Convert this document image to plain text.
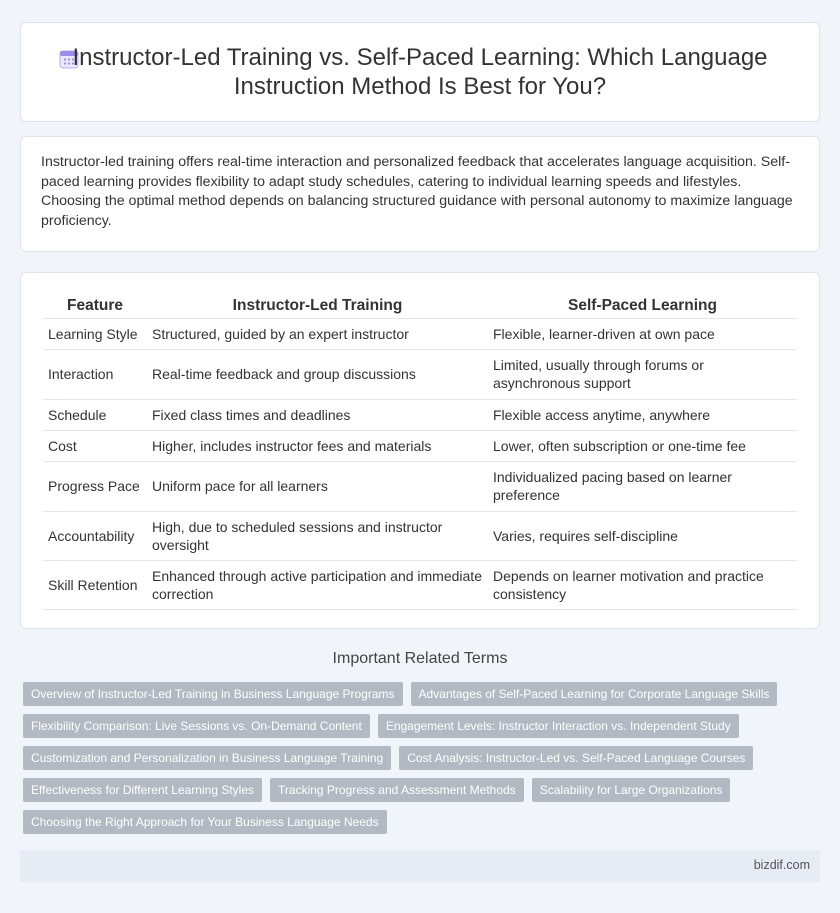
Instructor-Led Training vs. Self-Paced Learning: Which Language Instruction Method Is Best for You?

Instructor-led training offers real-time interaction and personalized feedback that accelerates language acquisition. Self-paced learning provides flexibility to adapt study schedules, catering to individual learning speeds and lifestyles. Choosing the optimal method depends on balancing structured guidance with personal autonomy to maximize language proficiency.

Feature	Instructor-Led Training	Self-Paced Learning
Learning Style	Structured, guided by an expert instructor	Flexible, learner-driven at own pace
Interaction	Real-time feedback and group discussions	Limited, usually through forums or asynchronous support
Schedule	Fixed class times and deadlines	Flexible access anytime, anywhere
Cost	Higher, includes instructor fees and materials	Lower, often subscription or one-time fee
Progress Pace	Uniform pace for all learners	Individualized pacing based on learner preference
Accountability	High, due to scheduled sessions and instructor oversight	Varies, requires self-discipline
Skill Retention	Enhanced through active participation and immediate correction	Depends on learner motivation and practice consistency
Important Related Terms
Overview of Instructor-Led Training in Business Language Programs	Advantages of Self-Paced Learning for Corporate Language Skills
Flexibility Comparison: Live Sessions vs. On-Demand Content	Engagement Levels: Instructor Interaction vs. Independent Study
Customization and Personalization in Business Language Training	Cost Analysis: Instructor-Led vs. Self-Paced Language Courses
Effectiveness for Different Learning Styles	Tracking Progress and Assessment Methods	Scalability for Large Organizations
Choosing the Right Approach for Your Business Language Needs
bizdif.com
